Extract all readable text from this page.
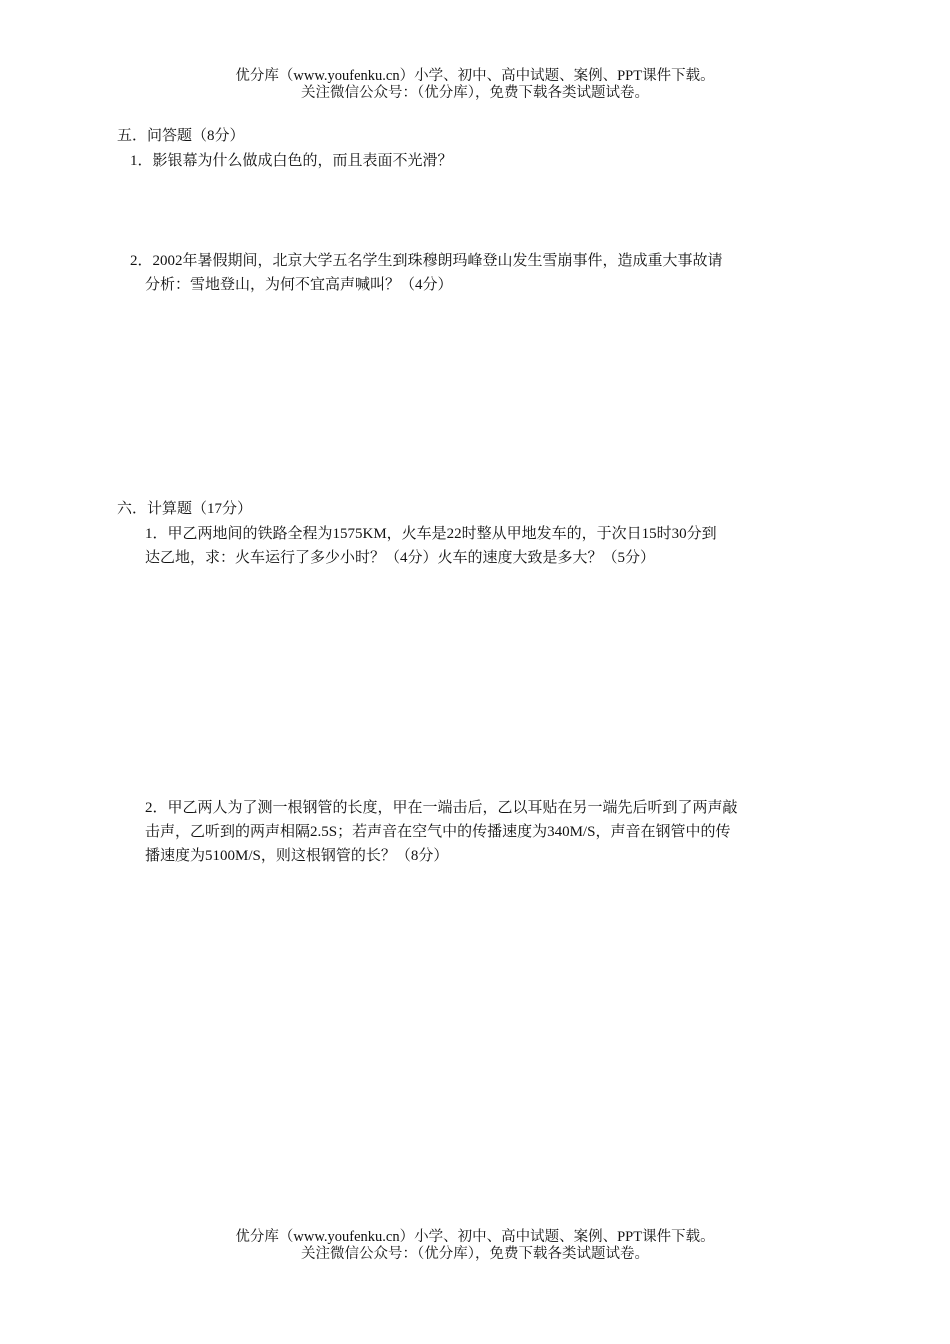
优分库（www.youfenku.cn）小学、初中、高中试题、案例、PPT课件下载。
关注微信公众号：（优分库），免费下载各类试题试卷。
五．问答题（8分）
1．影银幕为什么做成白色的，而且表面不光滑？
2．2002年暑假期间，北京大学五名学生到珠穆朗玛峰登山发生雪崩事件，造成重大事故请
分析：雪地登山，为何不宜高声喊叫？（4分）
六．计算题（17分）
1．甲乙两地间的铁路全程为1575KM，火车是22时整从甲地发车的，于次日15时30分到
达乙地，求：火车运行了多少小时？（4分）火车的速度大致是多大？（5分）
2．甲乙两人为了测一根钢管的长度，甲在一端击后，乙以耳贴在另一端先后听到了两声敲
击声，乙听到的两声相隔2.5S；若声音在空气中的传播速度为340M/S，声音在钢管中的传
播速度为5100M/S，则这根钢管的长？（8分）
优分库（www.youfenku.cn）小学、初中、高中试题、案例、PPT课件下载。
关注微信公众号：（优分库），免费下载各类试题试卷。
